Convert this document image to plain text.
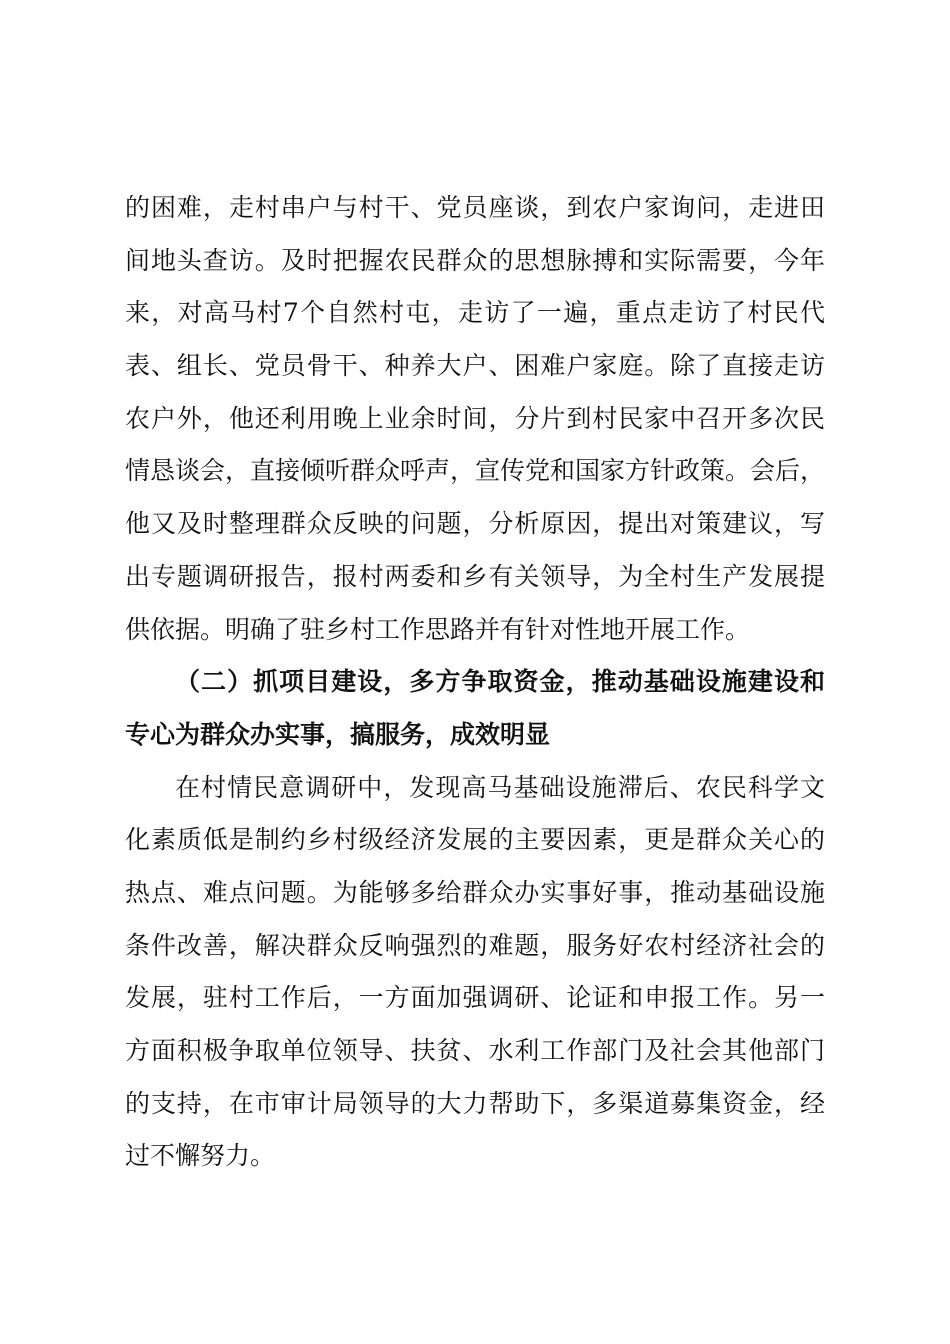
的困难，走村串户与村干、党员座谈，到农户家询问，走进田

间地头查访。及时把握农民群众的思想脉搏和实际需要，今年

来，对高马村7个自然村屯，走访了一遍，重点走访了村民代

表、组长、党员骨干、种养大户、困难户家庭。除了直接走访

农户外，他还利用晚上业余时间，分片到村民家中召开多次民

情恳谈会，直接倾听群众呼声，宣传党和国家方针政策。会后，

他又及时整理群众反映的问题，分析原因，提出对策建议，写

出专题调研报告，报村两委和乡有关领导，为全村生产发展提

供依据。明确了驻乡村工作思路并有针对性地开展工作。

（二）抓项目建设，多方争取资金，推动基础设施建设和

专心为群众办实事，搞服务，成效明显

在村情民意调研中，发现高马基础设施滞后、农民科学文

化素质低是制约乡村级经济发展的主要因素，更是群众关心的

热点、难点问题。为能够多给群众办实事好事，推动基础设施

条件改善，解决群众反响强烈的难题，服务好农村经济社会的

发展，驻村工作后，一方面加强调研、论证和申报工作。另一

方面积极争取单位领导、扶贫、水利工作部门及社会其他部门

的支持，在市审计局领导的大力帮助下，多渠道募集资金，经

过不懈努力。
